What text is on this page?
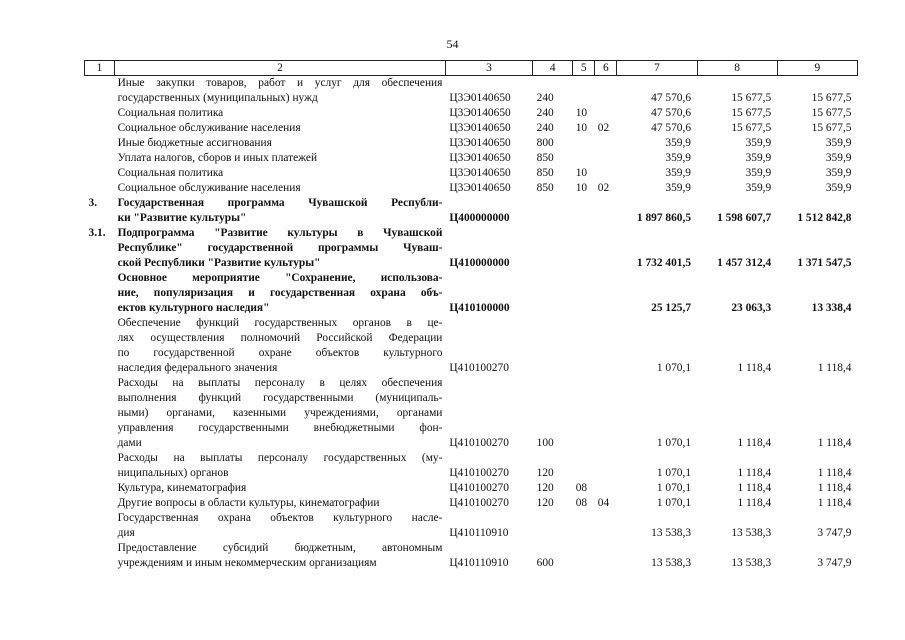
54
1	2	3	4	5	6	7	8	9

	Иные закупки товаров, работ и услуг для обеспечения
государственных (муниципальных) нужд	Ц3Э0140650	240			47 570,6	15 677,5	15 677,5

	Социальная политика	Ц3Э0140650	240	10		47 570,6	15 677,5	15 677,5

	Социальное обслуживание населения	Ц3Э0140650	240	10	02	47 570,6	15 677,5	15 677,5

	Иные бюджетные ассигнования	Ц3Э0140650	800			359,9	359,9	359,9

	Уплата налогов, сборов и иных платежей	Ц3Э0140650	850			359,9	359,9	359,9

	Социальная политика	Ц3Э0140650	850	10		359,9	359,9	359,9

	Социальное обслуживание населения	Ц3Э0140650	850	10	02	359,9	359,9	359,9
3.	Государственная программа Чувашской Республи-
ки "Развитие культуры"	Ц400000000				1 897 860,5	1 598 607,7	1 512 842,8
3.1.	Подпрограмма "Развитие культуры в Чувашской
Республике" государственной программы Чуваш-
ской Республики "Развитие культуры"	Ц410000000				1 732 401,5	1 457 312,4	1 371 547,5

	Основное мероприятие "Сохранение, использова-
ние, популяризация и государственная охрана объ-
ектов культурного наследия"	Ц410100000				25 125,7	23 063,3	13 338,4

	Обеспечение функций государственных органов в це-
лях осуществления полномочий Российской Федерации
по государственной охране объектов культурного
наследия федерального значения	Ц410100270				1 070,1	1 118,4	1 118,4

	Расходы на выплаты персоналу в целях обеспечения
выполнения функций государственными (муниципаль-
ными) органами, казенными учреждениями, органами
управления государственными внебюджетными фон-
дами	Ц410100270	100			1 070,1	1 118,4	1 118,4

	Расходы на выплаты персоналу государственных (му-
ниципальных) органов	Ц410100270	120			1 070,1	1 118,4	1 118,4

	Культура, кинематография	Ц410100270	120	08		1 070,1	1 118,4	1 118,4

	Другие вопросы в области культуры, кинематографии	Ц410100270	120	08	04	1 070,1	1 118,4	1 118,4

	Государственная охрана объектов культурного насле-
дия	Ц410110910				13 538,3	13 538,3	3 747,9

	Предоставление субсидий бюджетным, автономным
учреждениям и иным некоммерческим организациям	Ц410110910	600			13 538,3	13 538,3	3 747,9
